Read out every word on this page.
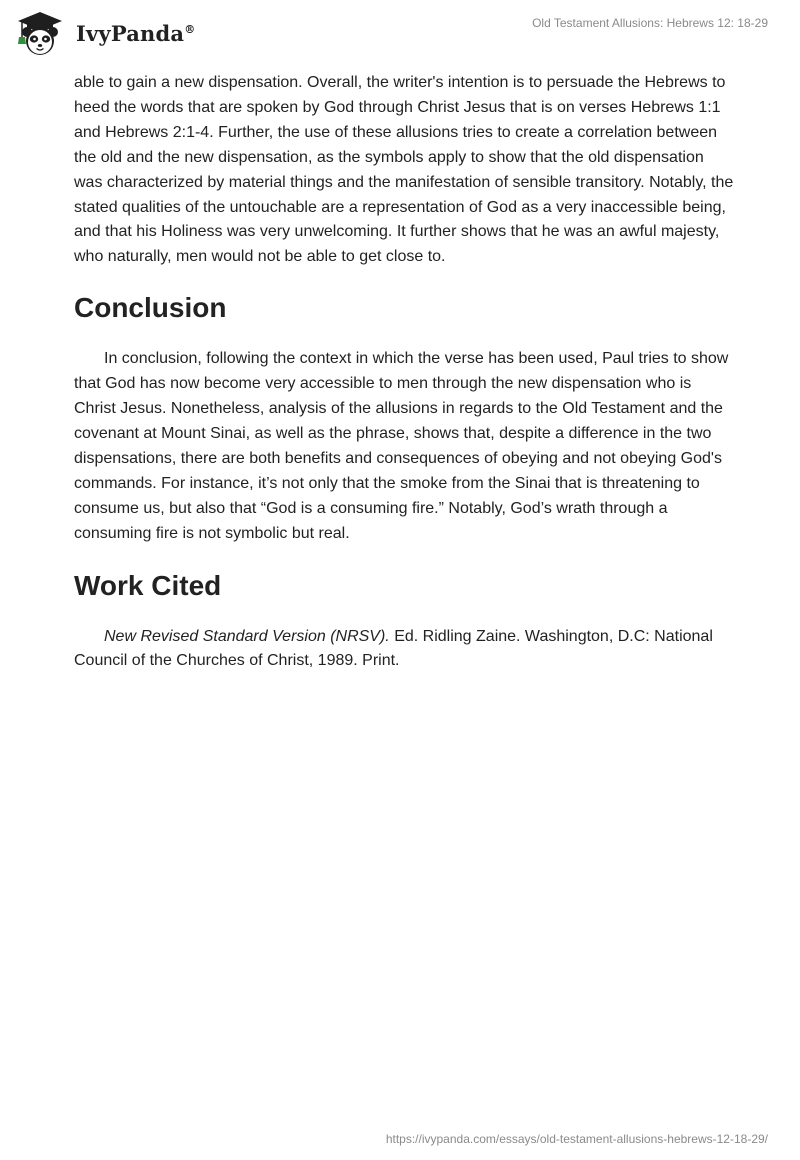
IvyPanda®	Old Testament Allusions: Hebrews 12: 18-29

able to gain a new dispensation. Overall, the writer's intention is to persuade the Hebrews to heed the words that are spoken by God through Christ Jesus that is on verses Hebrews 1:1 and Hebrews 2:1-4. Further, the use of these allusions tries to create a correlation between the old and the new dispensation, as the symbols apply to show that the old dispensation was characterized by material things and the manifestation of sensible transitory. Notably, the stated qualities of the untouchable are a representation of God as a very inaccessible being, and that his Holiness was very unwelcoming. It further shows that he was an awful majesty, who naturally, men would not be able to get close to.

Conclusion

In conclusion, following the context in which the verse has been used, Paul tries to show that God has now become very accessible to men through the new dispensation who is Christ Jesus. Nonetheless, analysis of the allusions in regards to the Old Testament and the covenant at Mount Sinai, as well as the phrase, shows that, despite a difference in the two dispensations, there are both benefits and consequences of obeying and not obeying God's commands. For instance, it’s not only that the smoke from the Sinai that is threatening to consume us, but also that “God is a consuming fire.” Notably, God’s wrath through a consuming fire is not symbolic but real.

Work Cited

New Revised Standard Version (NRSV). Ed. Ridling Zaine. Washington, D.C: National Council of the Churches of Christ, 1989. Print.

https://ivypanda.com/essays/old-testament-allusions-hebrews-12-18-29/
